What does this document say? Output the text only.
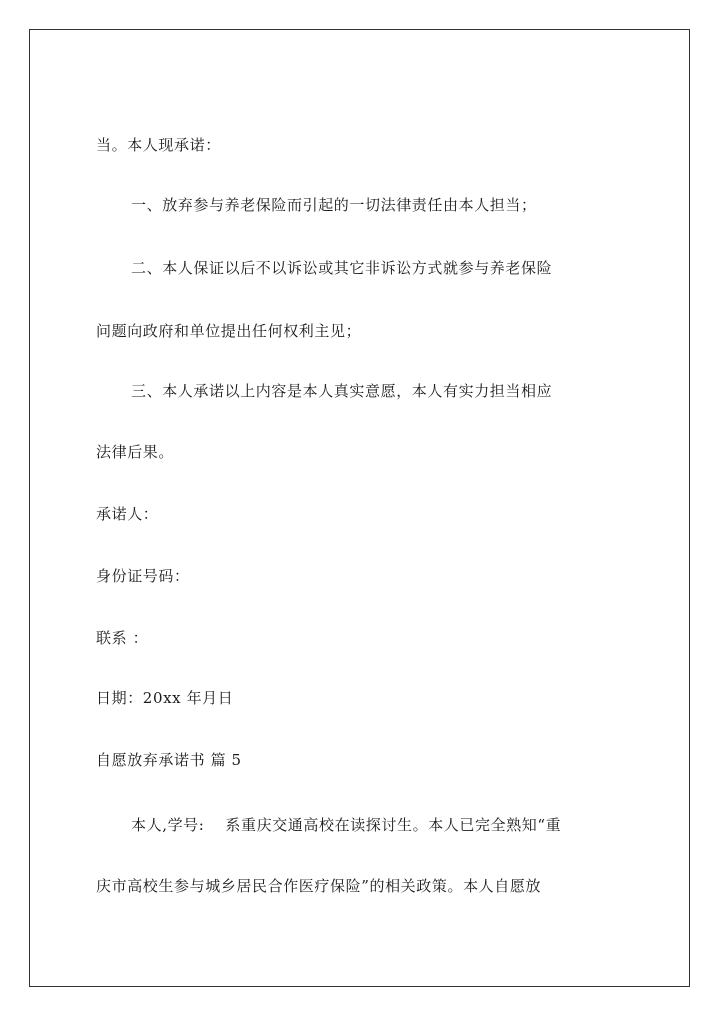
当。本人现承诺：
一、放弃参与养老保险而引起的一切法律责任由本人担当；
二、本人保证以后不以诉讼或其它非诉讼方式就参与养老保险
问题向政府和单位提出任何权利主见；
三、本人承诺以上内容是本人真实意愿，本人有实力担当相应
法律后果。
承诺人：
身份证号码：
联系 ：
日期：20xx 年月日
自愿放弃承诺书 篇 5
本人,学号:　 系重庆交通高校在读探讨生。本人已完全熟知“重
庆市高校生参与城乡居民合作医疗保险”的相关政策。本人自愿放
